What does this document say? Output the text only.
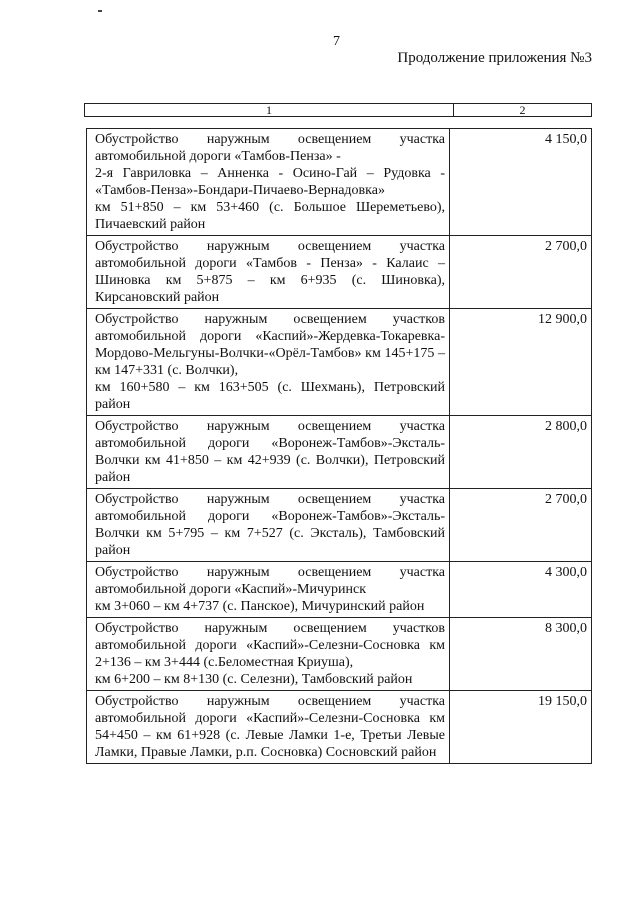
7
Продолжение приложения №3
1	2
Обустройство наружным освещением участка автомобильной дороги «Тамбов-Пенза» -
2-я Гавриловка – Анненка - Осино-Гай – Рудовка - «Тамбов-Пенза»-Бондари-Пичаево-Вернадовка»
км 51+850 – км 53+460 (с. Большое Шереметьево), Пичаевский район	4 150,0

Обустройство наружным освещением участка автомобильной дороги «Тамбов - Пенза» - Калаис – Шиновка км 5+875 – км 6+935 (с. Шиновка), Кирсановский район	2 700,0

Обустройство наружным освещением участков автомобильной дороги «Каспий»-Жердевка-Токаревка-Мордово-Мельгуны-Волчки-«Орёл-Тамбов» км 145+175 – км 147+331 (с. Волчки),
км 160+580 – км 163+505 (с. Шехмань), Петровский район	12 900,0

Обустройство наружным освещением участка автомобильной дороги «Воронеж-Тамбов»-Эксталь-Волчки км 41+850 – км 42+939 (с. Волчки), Петровский район	2 800,0

Обустройство наружным освещением участка автомобильной дороги «Воронеж-Тамбов»-Эксталь-Волчки км 5+795 – км 7+527 (с. Эксталь), Тамбовский район	2 700,0

Обустройство наружным освещением участка автомобильной дороги «Каспий»-Мичуринск
км 3+060 – км 4+737 (с. Панское), Мичуринский район	4 300,0

Обустройство наружным освещением участков автомобильной дороги «Каспий»-Селезни-Сосновка км 2+136 – км 3+444 (с.Беломестная Криуша),
км 6+200 – км 8+130 (с. Селезни), Тамбовский район	8 300,0

Обустройство наружным освещением участка автомобильной дороги «Каспий»-Селезни-Сосновка км 54+450 – км 61+928 (с. Левые Ламки 1-е, Третьи Левые Ламки, Правые Ламки, р.п. Сосновка) Сосновский район	19 150,0
